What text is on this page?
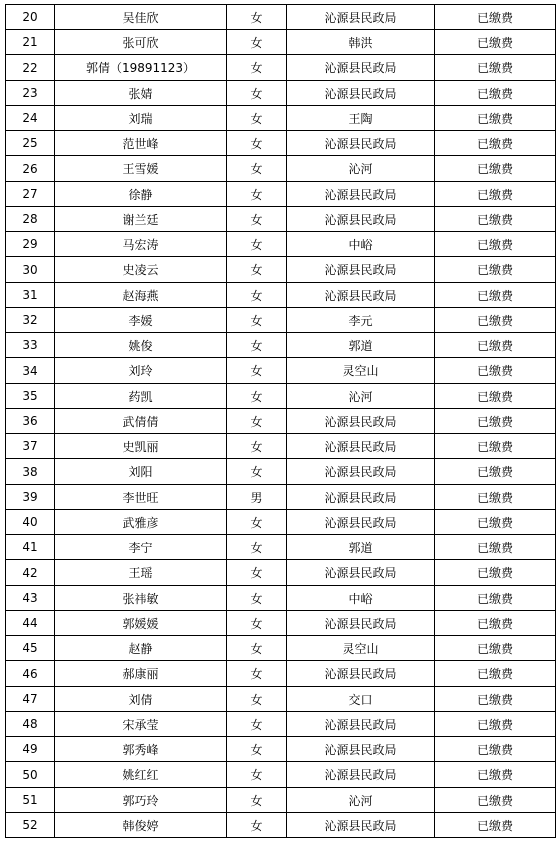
20	吴佳欣	女	沁源县民政局	已缴费
21	张可欣	女	韩洪	已缴费
22	郭倩（19891123）	女	沁源县民政局	已缴费
23	张婧	女	沁源县民政局	已缴费
24	刘瑞	女	王陶	已缴费
25	范世峰	女	沁源县民政局	已缴费
26	王雪媛	女	沁河	已缴费
27	徐静	女	沁源县民政局	已缴费
28	谢兰廷	女	沁源县民政局	已缴费
29	马宏涛	女	中峪	已缴费
30	史凌云	女	沁源县民政局	已缴费
31	赵海燕	女	沁源县民政局	已缴费
32	李媛	女	李元	已缴费
33	姚俊	女	郭道	已缴费
34	刘玲	女	灵空山	已缴费
35	药凯	女	沁河	已缴费
36	武倩倩	女	沁源县民政局	已缴费
37	史凯丽	女	沁源县民政局	已缴费
38	刘阳	女	沁源县民政局	已缴费
39	李世旺	男	沁源县民政局	已缴费
40	武雅彦	女	沁源县民政局	已缴费
41	李宁	女	郭道	已缴费
42	王瑶	女	沁源县民政局	已缴费
43	张祎敏	女	中峪	已缴费
44	郭媛媛	女	沁源县民政局	已缴费
45	赵静	女	灵空山	已缴费
46	郝康丽	女	沁源县民政局	已缴费
47	刘倩	女	交口	已缴费
48	宋承莹	女	沁源县民政局	已缴费
49	郭秀峰	女	沁源县民政局	已缴费
50	姚红红	女	沁源县民政局	已缴费
51	郭巧玲	女	沁河	已缴费
52	韩俊婷	女	沁源县民政局	已缴费
